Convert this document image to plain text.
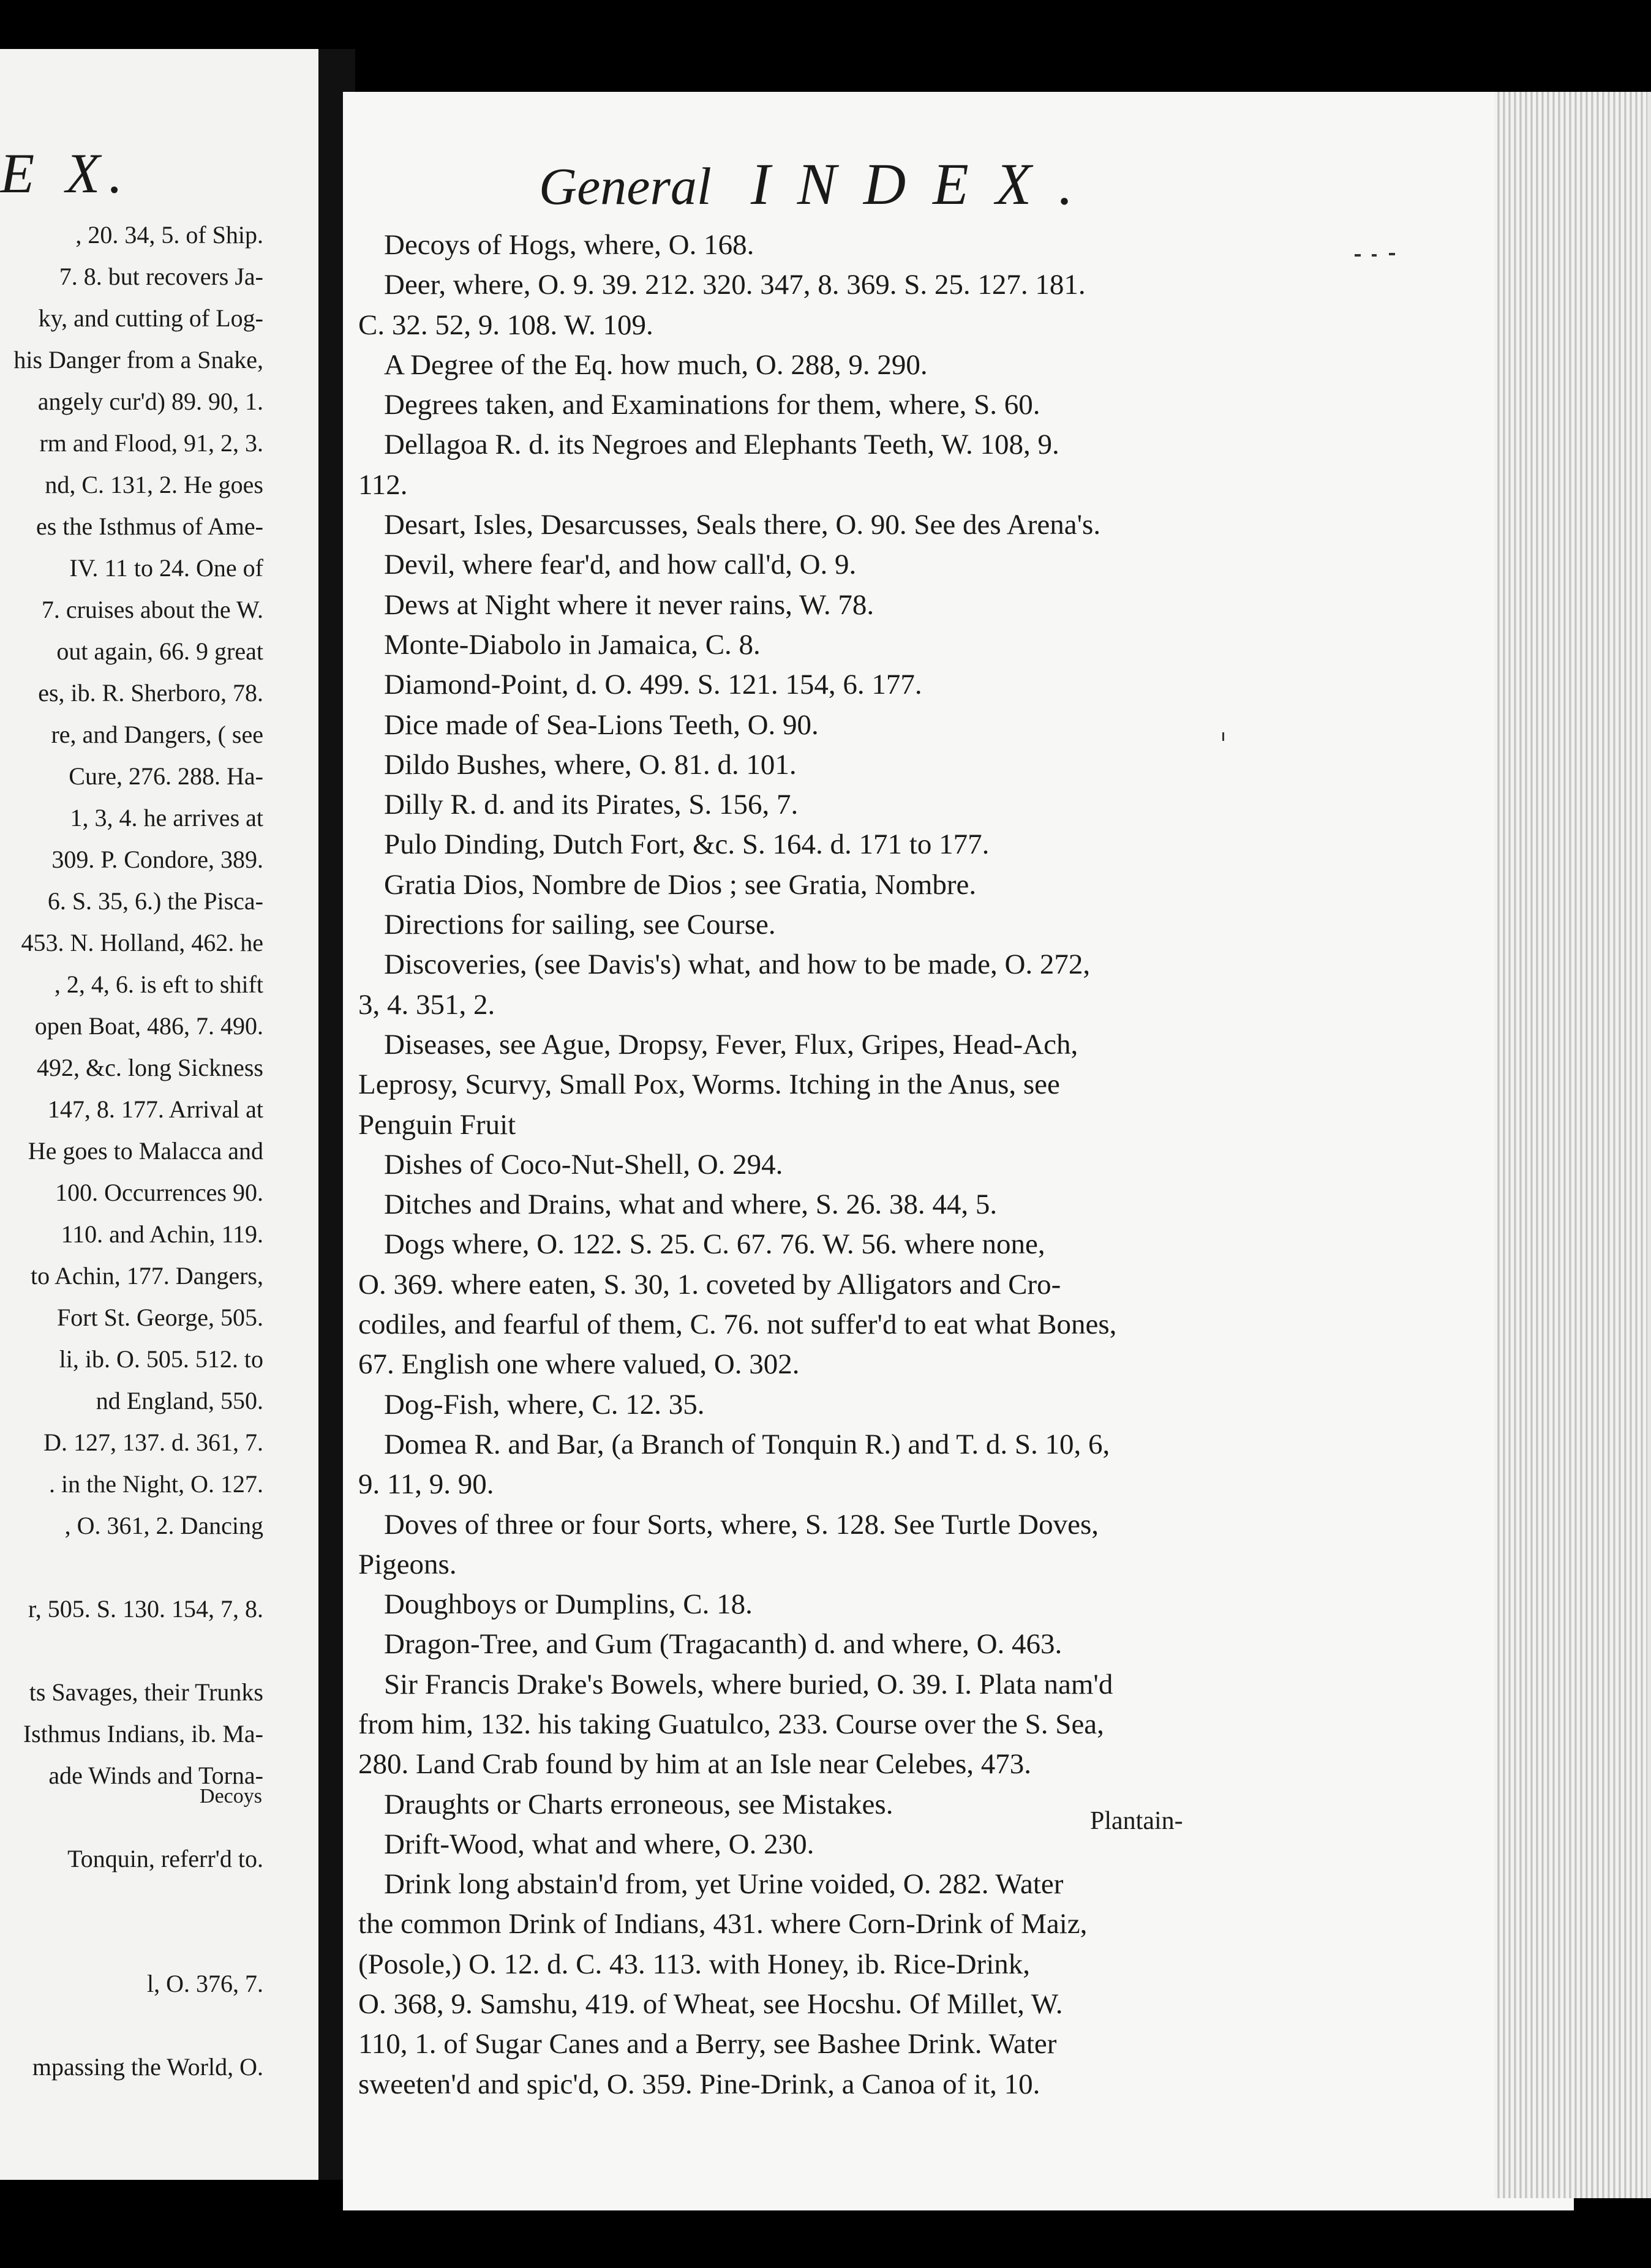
E X.
, 20. 34, 5. of Ship.
7. 8. but recovers Ja-
ky, and cutting of Log-
his Danger from a Snake,
angely cur'd) 89. 90, 1.
rm and Flood, 91, 2, 3.
nd, C. 131, 2. He goes
es the Isthmus of Ame-
IV. 11 to 24. One of
7. cruises about the W.
out again, 66. 9 great
es, ib. R. Sherboro, 78.
re, and Dangers, ( see
Cure, 276. 288. Ha-
1, 3, 4. he arrives at
309. P. Condore, 389.
6. S. 35, 6.) the Pisca-
453. N. Holland, 462. he
, 2, 4, 6. is eft to shift
open Boat, 486, 7. 490.
492, &c. long Sickness
147, 8. 177. Arrival at
He goes to Malacca and
100. Occurrences 90.
110. and Achin, 119.
to Achin, 177. Dangers,
Fort St. George, 505.
li, ib. O. 505. 512. to
nd England, 550.
D. 127, 137. d. 361, 7.
. in the Night, O. 127.
, O. 361, 2. Dancing
r, 505. S. 130. 154, 7, 8.
ts Savages, their Trunks
Isthmus Indians, ib. Ma-
ade Winds and Torna-
Tonquin, referr'd to.
l, O. 376, 7.
mpassing the World, O.
Decoys
General INDEX.
Decoys of Hogs, where, O. 168.
Deer, where, O. 9. 39. 212. 320. 347, 8. 369. S. 25. 127. 181.
C. 32. 52, 9. 108. W. 109.
A Degree of the Eq. how much, O. 288, 9. 290.
Degrees taken, and Examinations for them, where, S. 60.
Dellagoa R. d. its Negroes and Elephants Teeth, W. 108, 9.
112.
Desart, Isles, Desarcusses, Seals there, O. 90. See des Arena's.
Devil, where fear'd, and how call'd, O. 9.
Dews at Night where it never rains, W. 78.
Monte-Diabolo in Jamaica, C. 8.
Diamond-Point, d. O. 499. S. 121. 154, 6. 177.
Dice made of Sea-Lions Teeth, O. 90.
Dildo Bushes, where, O. 81. d. 101.
Dilly R. d. and its Pirates, S. 156, 7.
Pulo Dinding, Dutch Fort, &c. S. 164. d. 171 to 177.
Gratia Dios, Nombre de Dios ; see Gratia, Nombre.
Directions for sailing, see Course.
Discoveries, (see Davis's) what, and how to be made, O. 272,
3, 4. 351, 2.
Diseases, see Ague, Dropsy, Fever, Flux, Gripes, Head-Ach,
Leprosy, Scurvy, Small Pox, Worms. Itching in the Anus, see
Penguin Fruit
Dishes of Coco-Nut-Shell, O. 294.
Ditches and Drains, what and where, S. 26. 38. 44, 5.
Dogs where, O. 122. S. 25. C. 67. 76. W. 56. where none,
O. 369. where eaten, S. 30, 1. coveted by Alligators and Cro-
codiles, and fearful of them, C. 76. not suffer'd to eat what Bones,
67. English one where valued, O. 302.
Dog-Fish, where, C. 12. 35.
Domea R. and Bar, (a Branch of Tonquin R.) and T. d. S. 10, 6,
9. 11, 9. 90.
Doves of three or four Sorts, where, S. 128. See Turtle Doves,
Pigeons.
Doughboys or Dumplins, C. 18.
Dragon-Tree, and Gum (Tragacanth) d. and where, O. 463.
Sir Francis Drake's Bowels, where buried, O. 39. I. Plata nam'd
from him, 132. his taking Guatulco, 233. Course over the S. Sea,
280. Land Crab found by him at an Isle near Celebes, 473.
Draughts or Charts erroneous, see Mistakes.
Drift-Wood, what and where, O. 230.
Drink long abstain'd from, yet Urine voided, O. 282. Water
the common Drink of Indians, 431. where Corn-Drink of Maiz,
(Posole,) O. 12. d. C. 43. 113. with Honey, ib. Rice-Drink,
O. 368, 9. Samshu, 419. of Wheat, see Hocshu. Of Millet, W.
110, 1. of Sugar Canes and a Berry, see Bashee Drink. Water
sweeten'd and spic'd, O. 359. Pine-Drink, a Canoa of it, 10.
Plantain-
